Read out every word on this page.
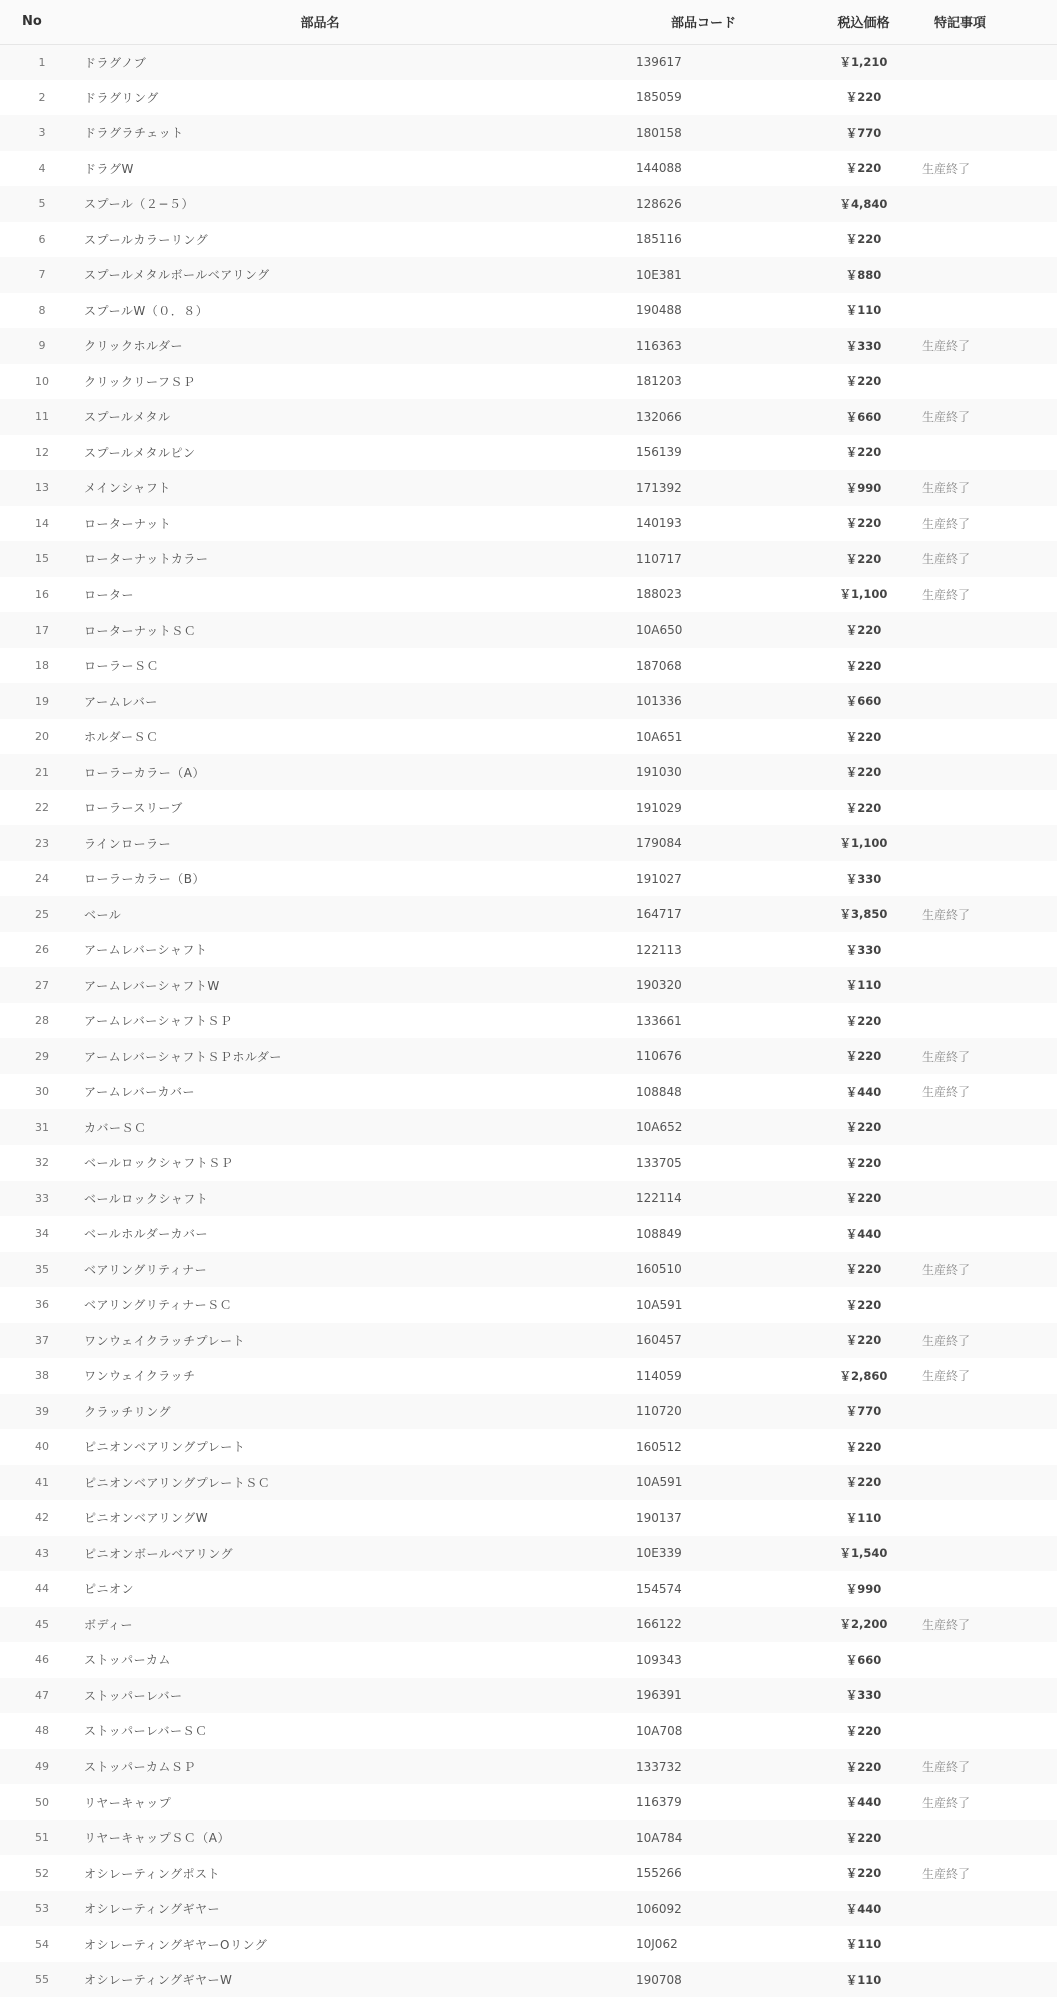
No	部品名	部品コード	税込価格	特記事項
1	ドラグノブ	139617	￥1,210	
2	ドラグリング	185059	￥220	
3	ドラグラチェット	180158	￥770	
4	ドラグW	144088	￥220	生産終了
5	スプール（２−５）	128626	￥4,840	
6	スプールカラーリング	185116	￥220	
7	スプールメタルボールベアリング	10E381	￥880	
8	スプールW（０．８）	190488	￥110	
9	クリックホルダー	116363	￥330	生産終了
10	クリックリーフＳＰ	181203	￥220	
11	スプールメタル	132066	￥660	生産終了
12	スプールメタルピン	156139	￥220	
13	メインシャフト	171392	￥990	生産終了
14	ローターナット	140193	￥220	生産終了
15	ローターナットカラー	110717	￥220	生産終了
16	ローター	188023	￥1,100	生産終了
17	ローターナットＳＣ	10A650	￥220	
18	ローラーＳＣ	187068	￥220	
19	アームレバー	101336	￥660	
20	ホルダーＳＣ	10A651	￥220	
21	ローラーカラー（A）	191030	￥220	
22	ローラースリーブ	191029	￥220	
23	ラインローラー	179084	￥1,100	
24	ローラーカラー（B）	191027	￥330	
25	ベール	164717	￥3,850	生産終了
26	アームレバーシャフト	122113	￥330	
27	アームレバーシャフトW	190320	￥110	
28	アームレバーシャフトＳＰ	133661	￥220	
29	アームレバーシャフトＳＰホルダー	110676	￥220	生産終了
30	アームレバーカバー	108848	￥440	生産終了
31	カバーＳＣ	10A652	￥220	
32	ベールロックシャフトＳＰ	133705	￥220	
33	ベールロックシャフト	122114	￥220	
34	ベールホルダーカバー	108849	￥440	
35	ベアリングリティナー	160510	￥220	生産終了
36	ベアリングリティナーＳＣ	10A591	￥220	
37	ワンウェイクラッチプレート	160457	￥220	生産終了
38	ワンウェイクラッチ	114059	￥2,860	生産終了
39	クラッチリング	110720	￥770	
40	ピニオンベアリングプレート	160512	￥220	
41	ピニオンベアリングプレートＳＣ	10A591	￥220	
42	ピニオンベアリングW	190137	￥110	
43	ピニオンボールベアリング	10E339	￥1,540	
44	ピニオン	154574	￥990	
45	ボディー	166122	￥2,200	生産終了
46	ストッパーカム	109343	￥660	
47	ストッパーレバー	196391	￥330	
48	ストッパーレバーＳＣ	10A708	￥220	
49	ストッパーカムＳＰ	133732	￥220	生産終了
50	リヤーキャップ	116379	￥440	生産終了
51	リヤーキャップＳＣ（A）	10A784	￥220	
52	オシレーティングポスト	155266	￥220	生産終了
53	オシレーティングギヤー	106092	￥440	
54	オシレーティングギヤーOリング	10J062	￥110	
55	オシレーティングギヤーW	190708	￥110	
